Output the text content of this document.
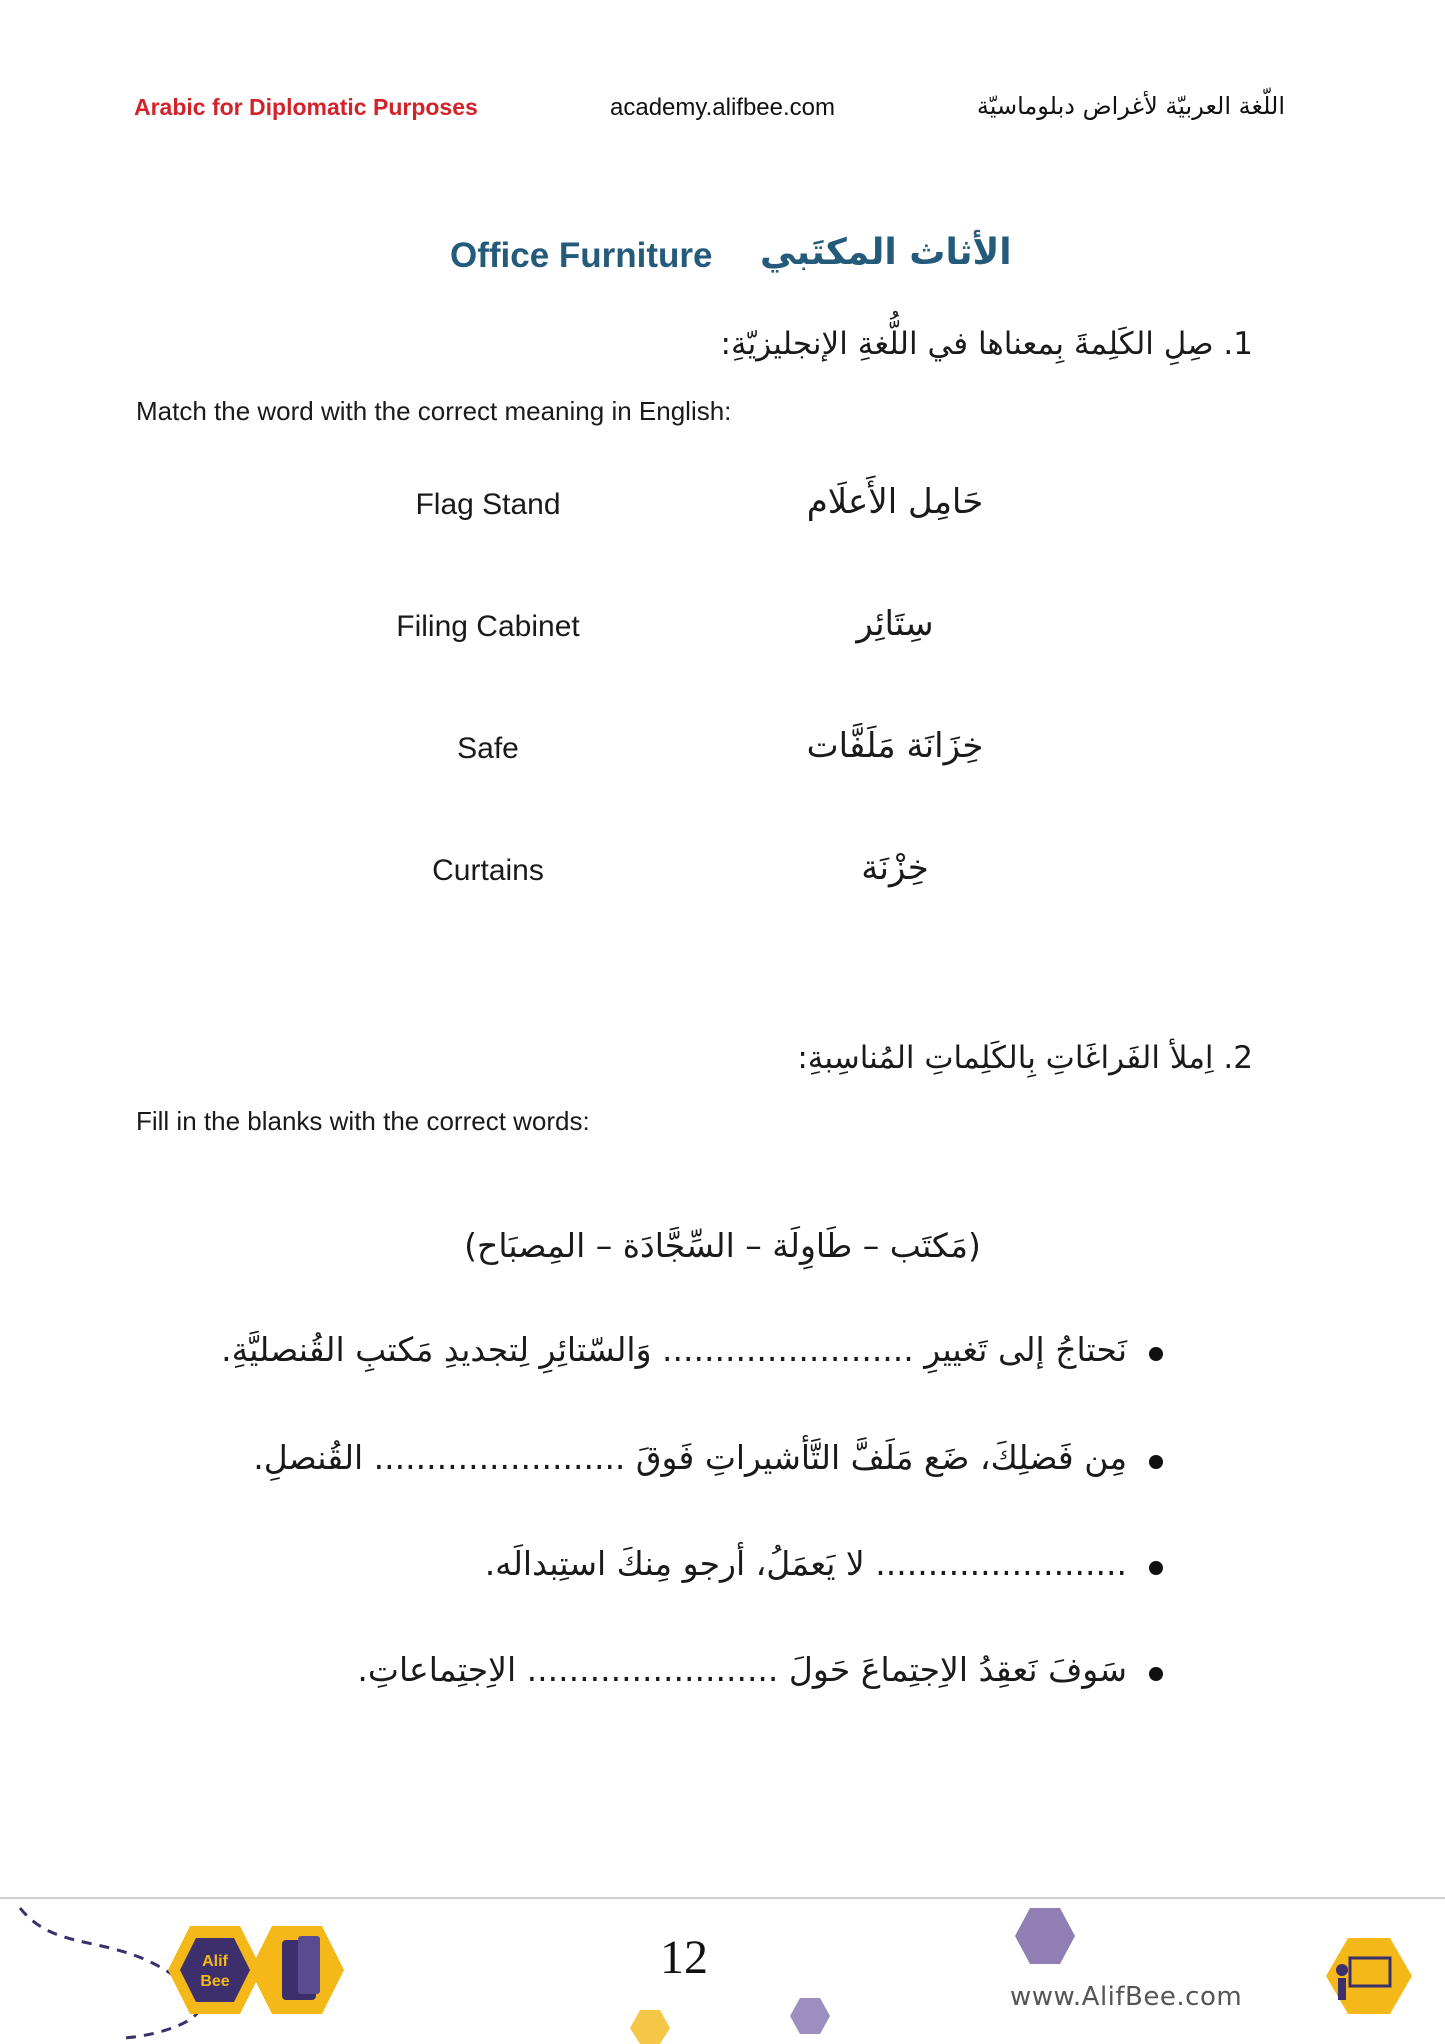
Arabic for Diplomatic Purposes	academy.alifbee.com	اللّغة العربيّة لأغراض دبلوماسيّة
Office Furniture الأثاث المكتَبي
1. صِلِ الكَلِمةَ بِمعناها في اللُّغةِ الإنجليزيّةِ:
Match the word with the correct meaning in English:
Flag Stand	حَامِل الأَعلَام
Filing Cabinet	سِتَائِر
Safe	خِزَانَة مَلَفَّات
Curtains	خِزْنَة
2. اِملأ الفَراغَاتِ بِالكَلِماتِ المُناسِبةِ:
Fill in the blanks with the correct words:
(مَكتَب – طَاوِلَة – السِّجَّادَة – المِصبَاح)
نَحتاجُ إلى تَغييرِ ........................ وَالسّتائِرِ لِتجديدِ مَكتبِ القُنصليَّةِ.
مِن فَضلِكَ، ضَع مَلَفَّ التَّأشيراتِ فَوقَ ........................ القُنصلِ.
........................ لا يَعمَلُ، أرجو مِنكَ استِبدالَه.
سَوفَ نَعقِدُ الاِجتِماعَ حَولَ ........................ الاِجتِماعاتِ.
Alif
Bee	12
www.AlifBee.com
